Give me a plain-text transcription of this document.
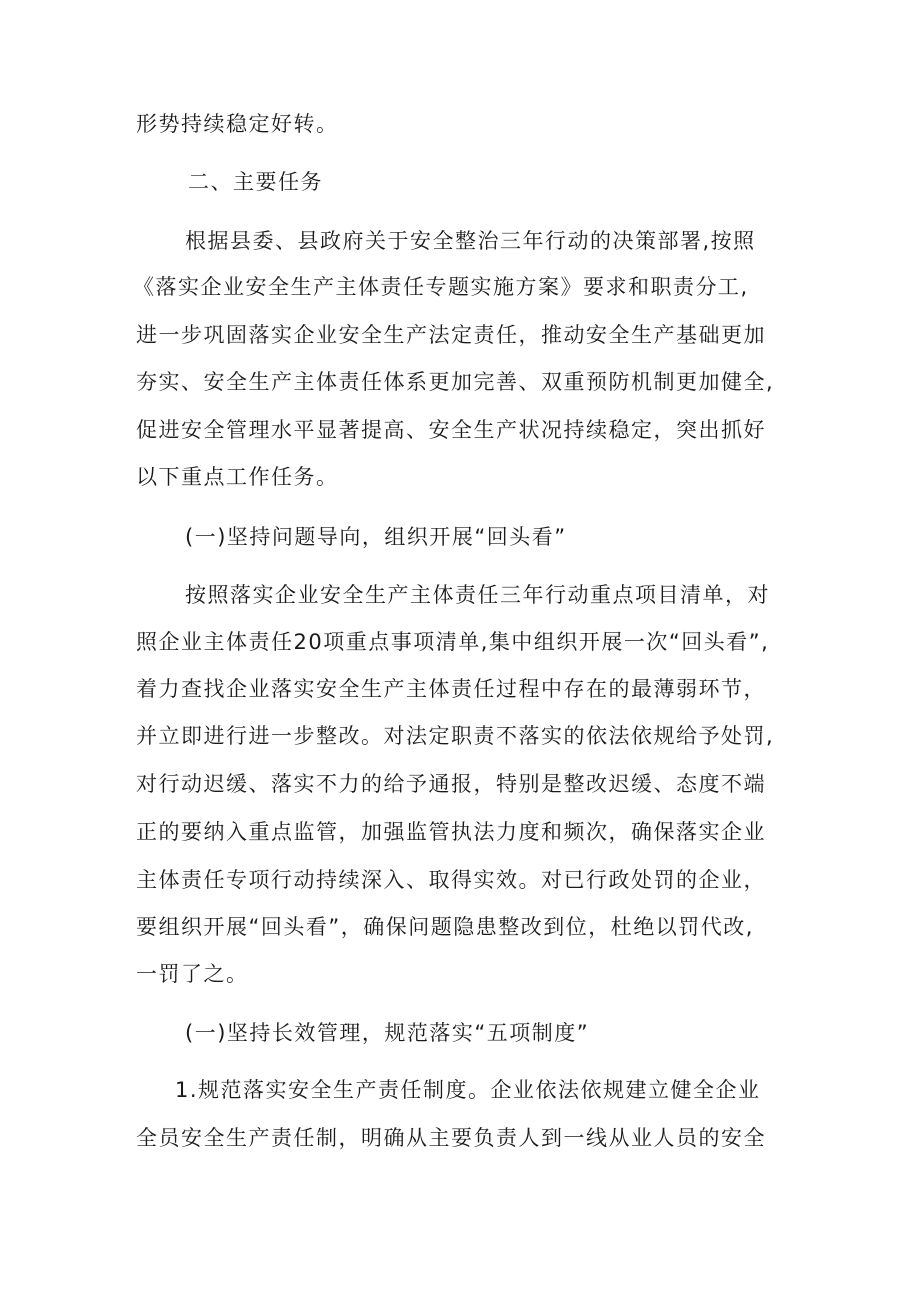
形势持续稳定好转。
二、主要任务
根据县委、县政府关于安全整治三年行动的决策部署,按照
《落实企业安全生产主体责任专题实施方案》要求和职责分工,
进一步巩固落实企业安全生产法定责任，推动安全生产基础更加
夯实、安全生产主体责任体系更加完善、双重预防机制更加健全,
促进安全管理水平显著提高、安全生产状况持续稳定，突出抓好
以下重点工作任务。
(一)坚持问题导向，组织开展“回头看”
按照落实企业安全生产主体责任三年行动重点项目清单，对
照企业主体责任20项重点事项清单,集中组织开展一次“回头看”,
着力查找企业落实安全生产主体责任过程中存在的最薄弱环节，
并立即进行进一步整改。对法定职责不落实的依法依规给予处罚,
对行动迟缓、落实不力的给予通报，特别是整改迟缓、态度不端
正的要纳入重点监管，加强监管执法力度和频次，确保落实企业
主体责任专项行动持续深入、取得实效。对已行政处罚的企业，
要组织开展“回头看”，确保问题隐患整改到位，杜绝以罚代改,
一罚了之。
(一)坚持长效管理，规范落实“五项制度”
1.规范落实安全生产责任制度。企业依法依规建立健全企业
全员安全生产责任制，明确从主要负责人到一线从业人员的安全
